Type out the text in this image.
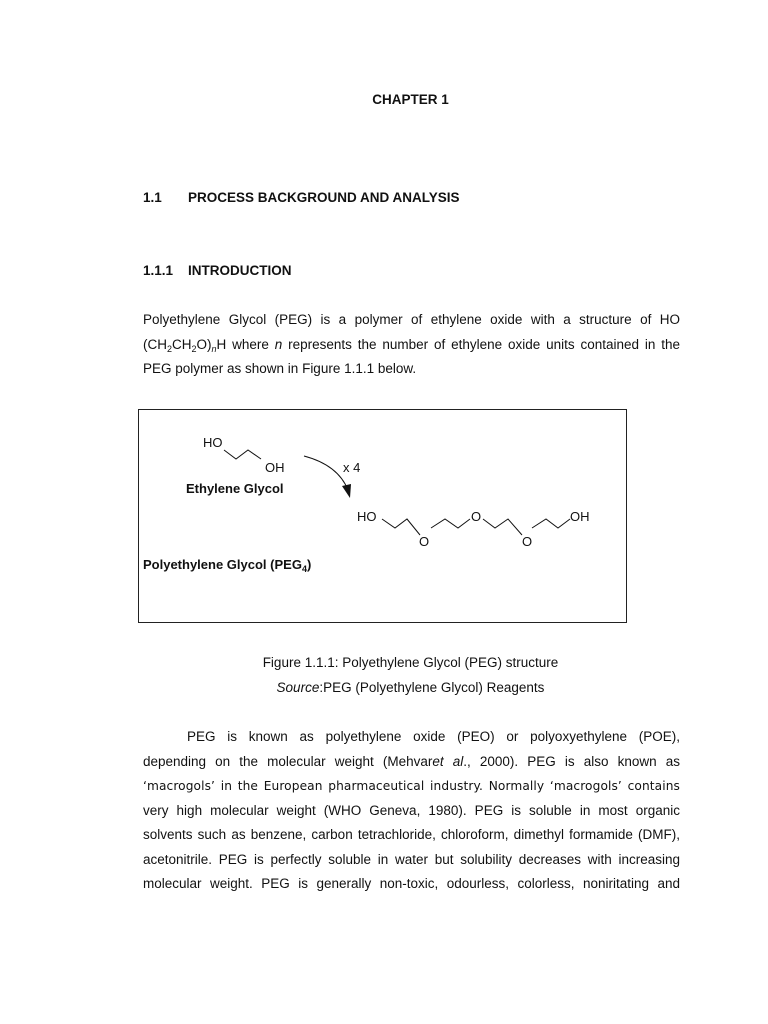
CHAPTER 1
1.1 PROCESS BACKGROUND AND ANALYSIS
1.1.1 INTRODUCTION
Polyethylene Glycol (PEG) is a polymer of ethylene oxide with a structure of HO
$(CH_2CH_2O)_nH$ where n represents the number of ethylene oxide units contained in the
PEG polymer as shown in Figure 1.1.1 below.
HO
OH	x 4
Ethylene Glycol
HO
O
O
O
OH
Polyethylene Glycol $(PEG_4)$
Figure 1.1.1: Polyethylene Glycol (PEG) structure
Source:PEG (Polyethylene Glycol) Reagents
PEG is known as polyethylene oxide (PEO) or polyoxyethylene (POE),
depending on the molecular weight (Mehvaret al., 2000). PEG is also known as
‘macrogols’ in the European pharmaceutical industry. Normally ‘macrogols’ contains
very high molecular weight (WHO Geneva, 1980). PEG is soluble in most organic
solvents such as benzene, carbon tetrachloride, chloroform, dimethyl formamide (DMF),
acetonitrile. PEG is perfectly soluble in water but solubility decreases with increasing
molecular weight. PEG is generally non-toxic, odourless, colorless, noniritating and
